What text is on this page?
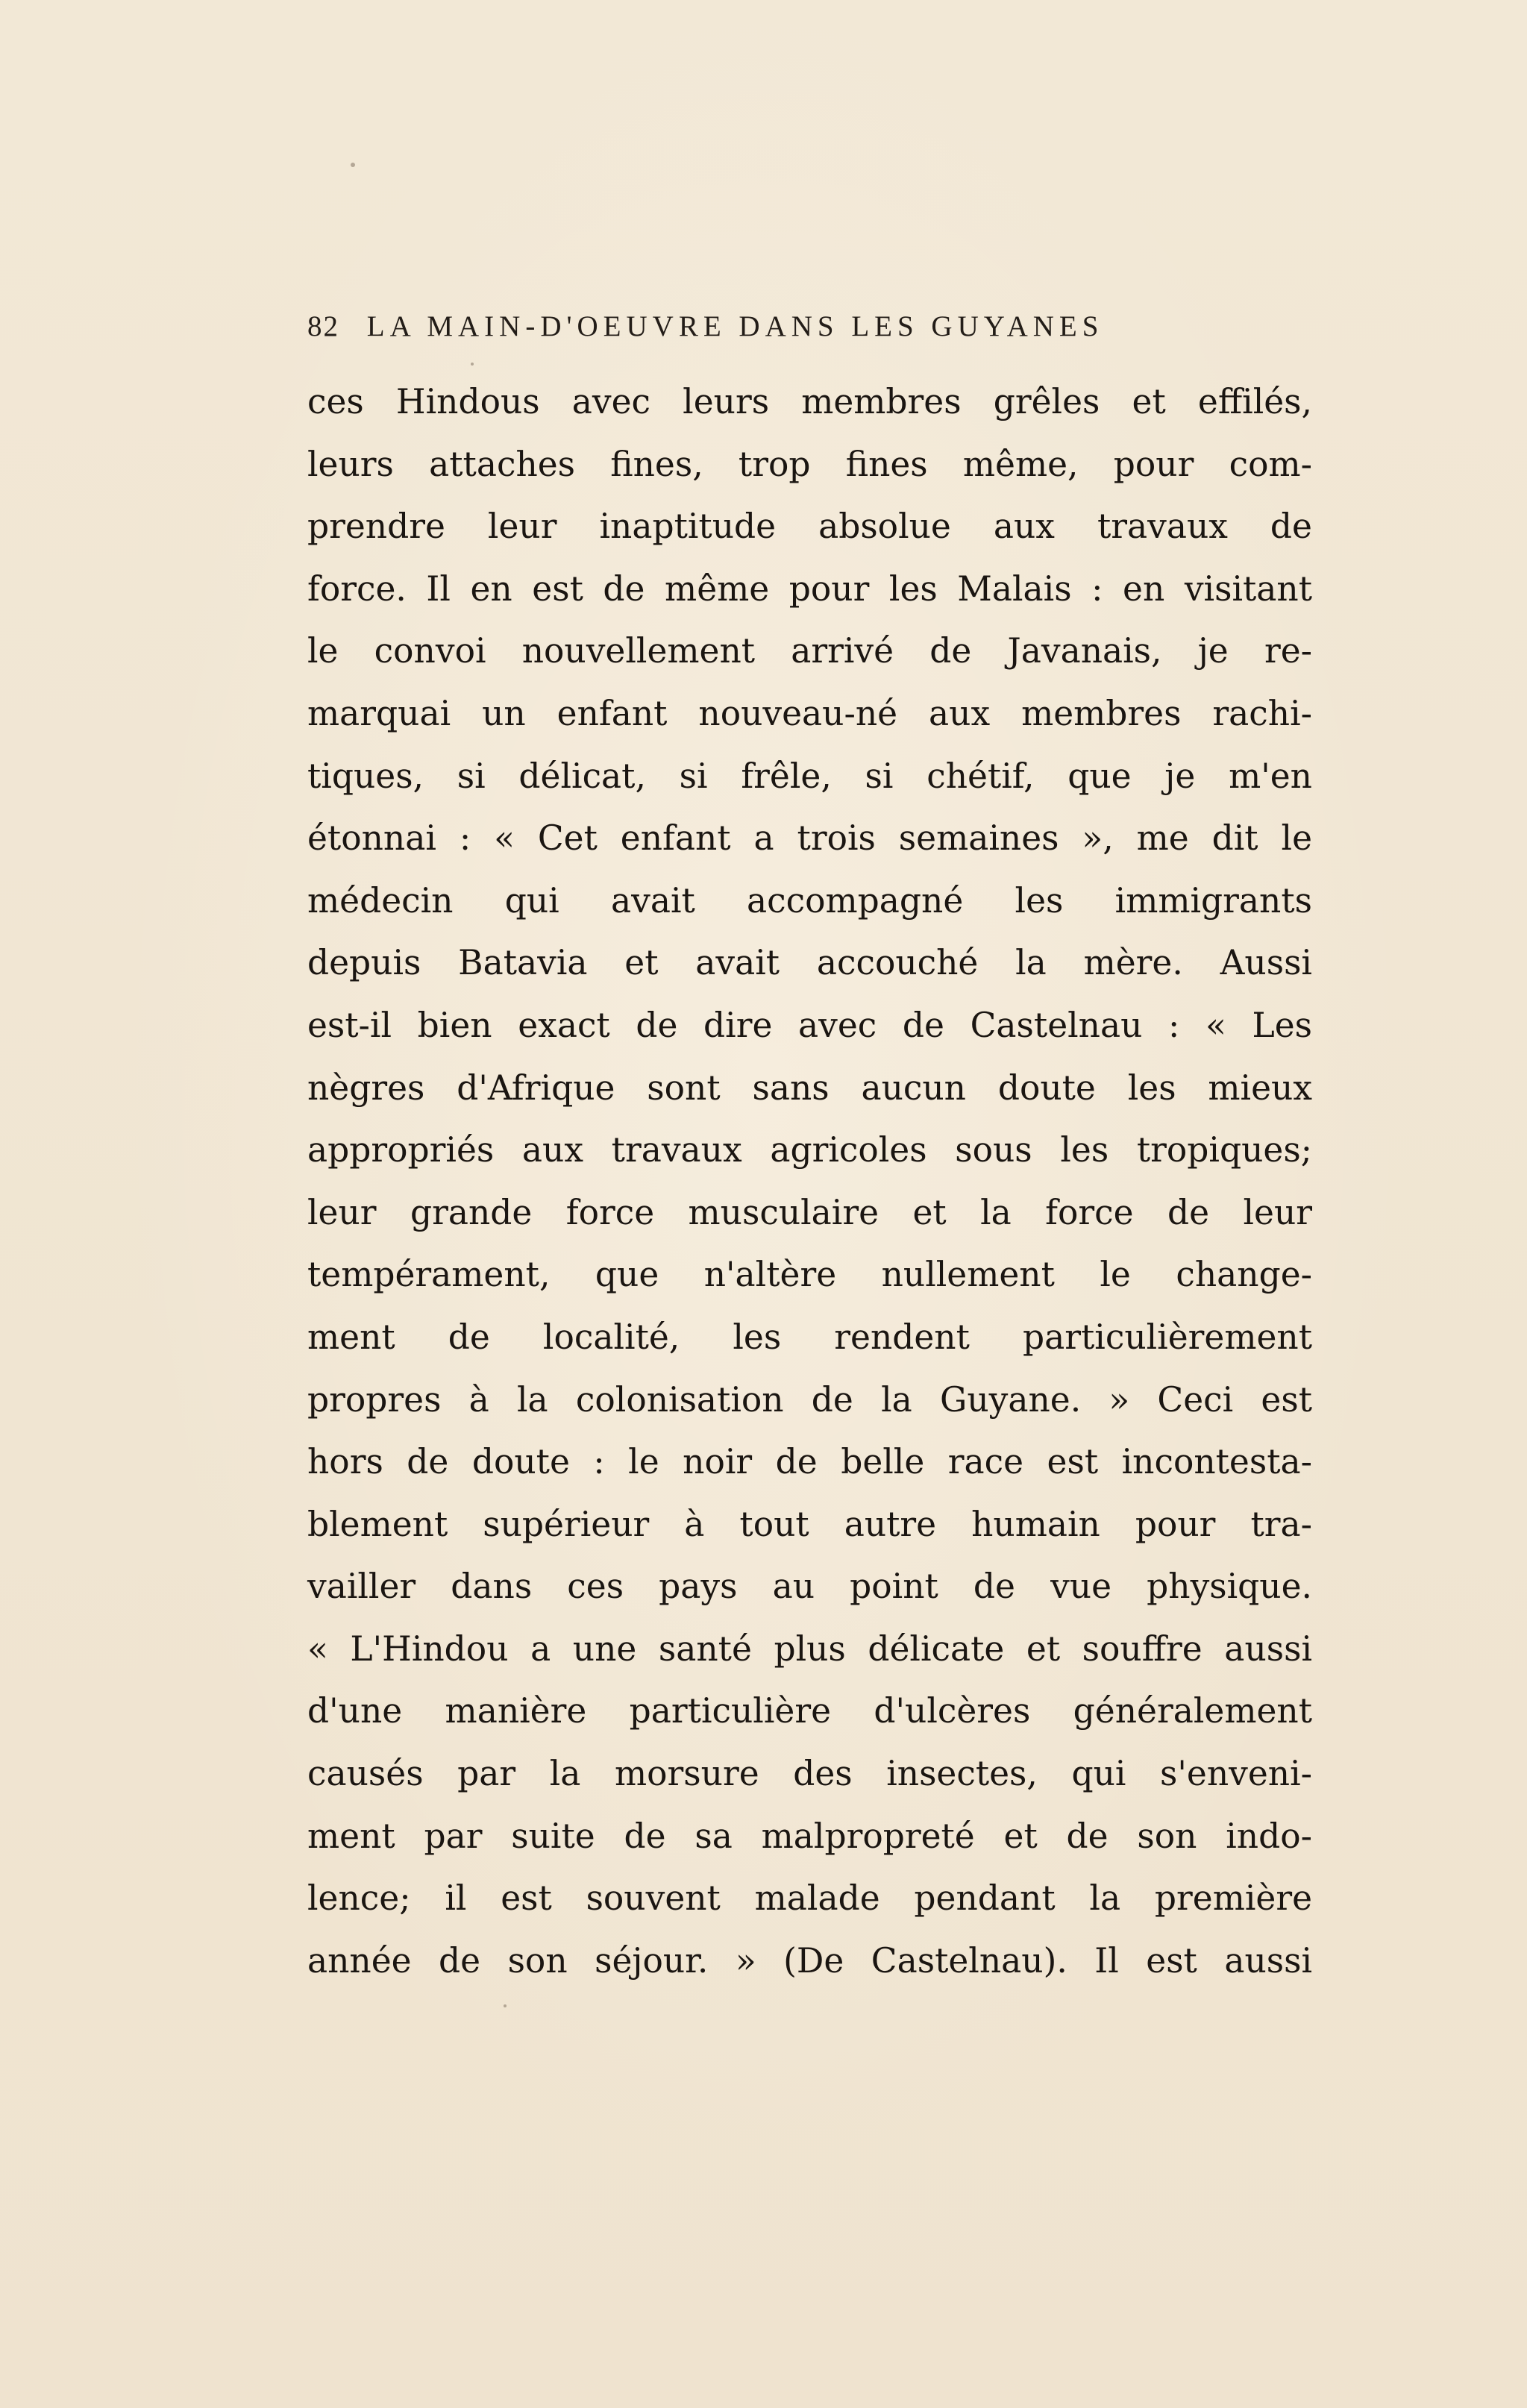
82 LA MAIN-D'OEUVRE DANS LES GUYANES
ces Hindous avec leurs membres grêles et effilés,
leurs attaches fines, trop fines même, pour com-
prendre leur inaptitude absolue aux travaux de
force. Il en est de même pour les Malais : en visitant
le convoi nouvellement arrivé de Javanais, je re-
marquai un enfant nouveau-né aux membres rachi-
tiques, si délicat, si frêle, si chétif, que je m'en
étonnai : « Cet enfant a trois semaines », me dit le
médecin qui avait accompagné les immigrants
depuis Batavia et avait accouché la mère. Aussi
est-il bien exact de dire avec de Castelnau : « Les
nègres d'Afrique sont sans aucun doute les mieux
appropriés aux travaux agricoles sous les tropiques;
leur grande force musculaire et la force de leur
tempérament, que n'altère nullement le change-
ment de localité, les rendent particulièrement
propres à la colonisation de la Guyane. » Ceci est
hors de doute : le noir de belle race est incontesta-
blement supérieur à tout autre humain pour tra-
vailler dans ces pays au point de vue physique.
« L'Hindou a une santé plus délicate et souffre aussi
d'une manière particulière d'ulcères généralement
causés par la morsure des insectes, qui s'enveni-
ment par suite de sa malpropreté et de son indo-
lence; il est souvent malade pendant la première
année de son séjour. » (De Castelnau). Il est aussi
